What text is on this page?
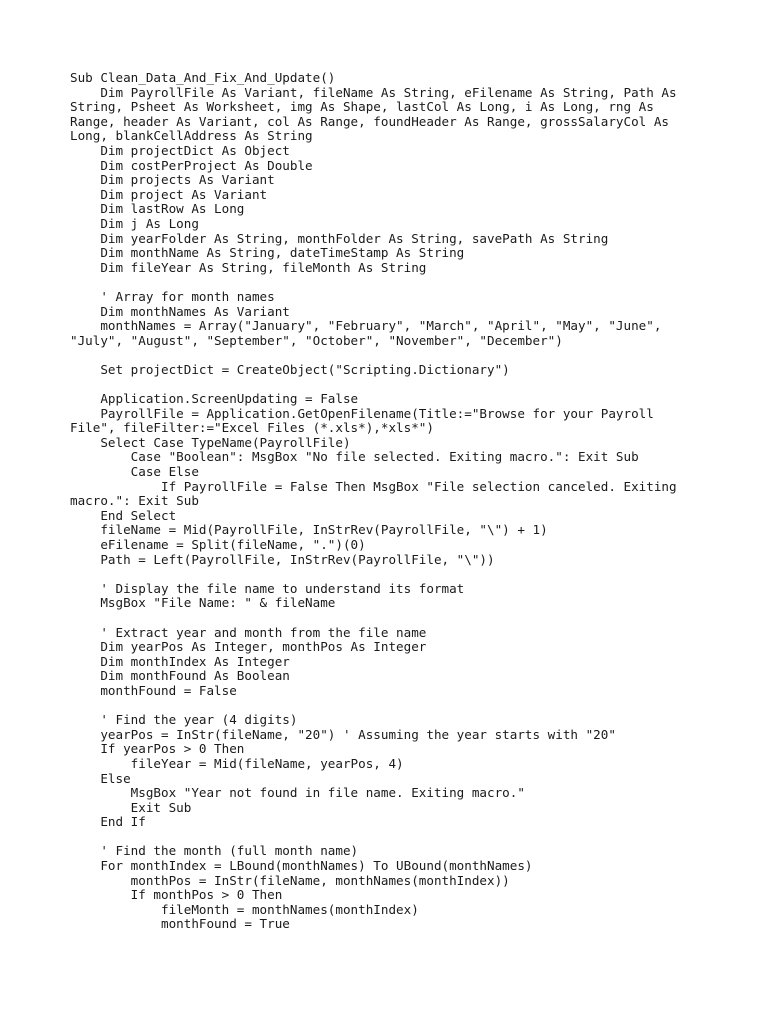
Sub Clean_Data_And_Fix_And_Update()
Dim PayrollFile As Variant, fileName As String, eFilename As String, Path As
String, Psheet As Worksheet, img As Shape, lastCol As Long, i As Long, rng As
Range, header As Variant, col As Range, foundHeader As Range, grossSalaryCol As
Long, blankCellAddress As String
Dim projectDict As Object
Dim costPerProject As Double
Dim projects As Variant
Dim project As Variant
Dim lastRow As Long
Dim j As Long
Dim yearFolder As String, monthFolder As String, savePath As String
Dim monthName As String, dateTimeStamp As String
Dim fileYear As String, fileMonth As String
' Array for month names
Dim monthNames As Variant
monthNames = Array("January", "February", "March", "April", "May", "June",
"July", "August", "September", "October", "November", "December")
Set projectDict = CreateObject("Scripting.Dictionary")
Application.ScreenUpdating = False
PayrollFile = Application.GetOpenFilename(Title:="Browse for your Payroll
File", fileFilter:="Excel Files (*.xls*),*xls*")
Select Case TypeName(PayrollFile)
Case "Boolean": MsgBox "No file selected. Exiting macro.": Exit Sub
Case Else
If PayrollFile = False Then MsgBox "File selection canceled. Exiting
macro.": Exit Sub
End Select
fileName = Mid(PayrollFile, InStrRev(PayrollFile, "\") + 1)
eFilename = Split(fileName, ".")(0)
Path = Left(PayrollFile, InStrRev(PayrollFile, "\"))
' Display the file name to understand its format
MsgBox "File Name: " & fileName
' Extract year and month from the file name
Dim yearPos As Integer, monthPos As Integer
Dim monthIndex As Integer
Dim monthFound As Boolean
monthFound = False
' Find the year (4 digits)
yearPos = InStr(fileName, "20") ' Assuming the year starts with "20"
If yearPos > 0 Then
fileYear = Mid(fileName, yearPos, 4)
Else
MsgBox "Year not found in file name. Exiting macro."
Exit Sub
End If
' Find the month (full month name)
For monthIndex = LBound(monthNames) To UBound(monthNames)
monthPos = InStr(fileName, monthNames(monthIndex))
If monthPos > 0 Then
fileMonth = monthNames(monthIndex)
monthFound = True
